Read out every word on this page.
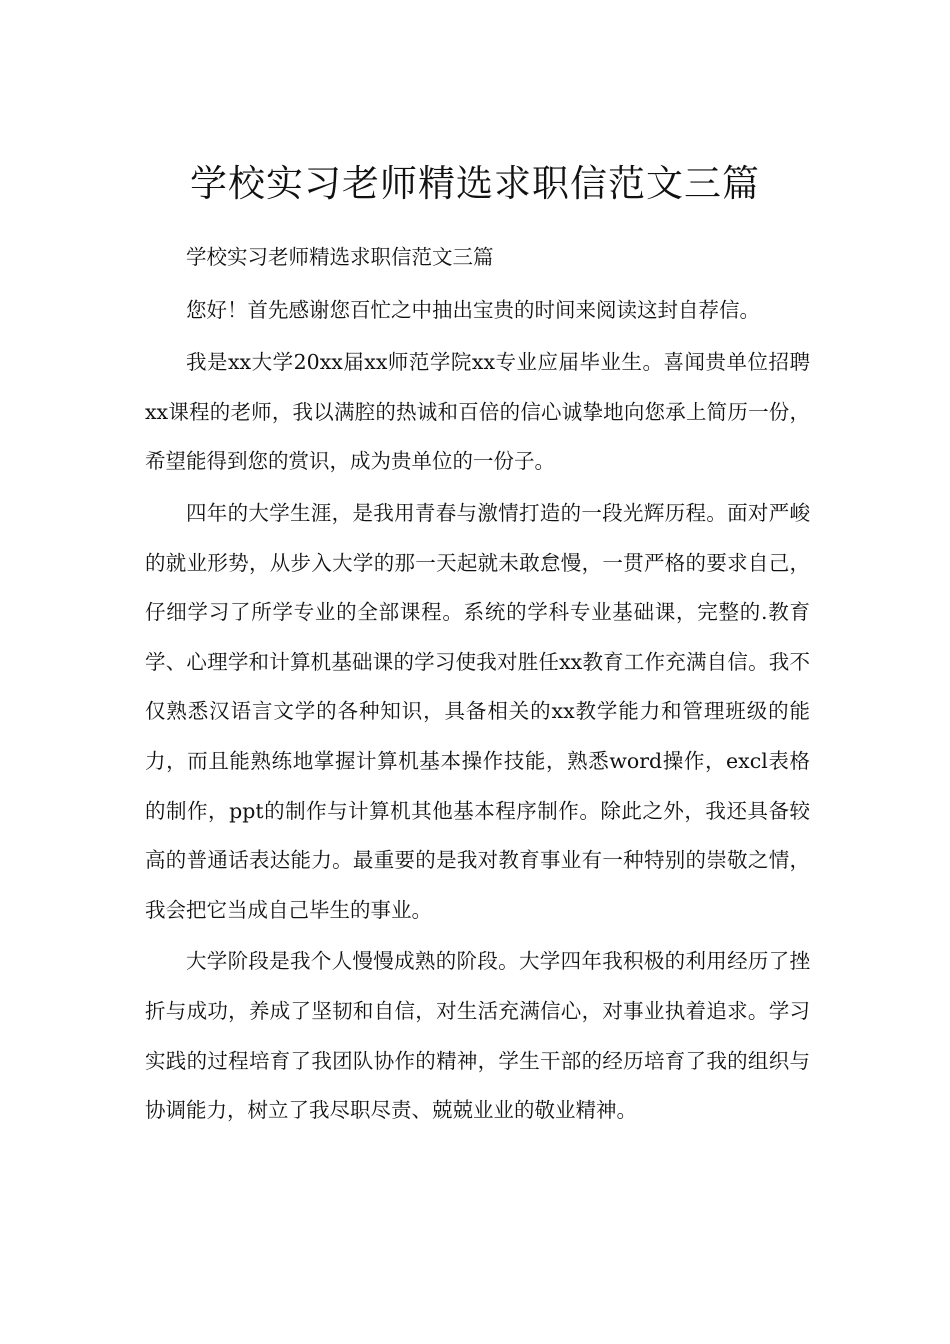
学校实习老师精选求职信范文三篇

学校实习老师精选求职信范文三篇

您好！首先感谢您百忙之中抽出宝贵的时间来阅读这封自荐信。

我是xx大学20xx届xx师范学院xx专业应届毕业生。喜闻贵单位招聘xx课程的老师，我以满腔的热诚和百倍的信心诚挚地向您承上简历一份，希望能得到您的赏识，成为贵单位的一份子。

四年的大学生涯，是我用青春与激情打造的一段光辉历程。面对严峻的就业形势，从步入大学的那一天起就未敢怠慢，一贯严格的要求自己，仔细学习了所学专业的全部课程。系统的学科专业基础课，完整的.教育学、心理学和计算机基础课的学习使我对胜任xx教育工作充满自信。我不仅熟悉汉语言文学的各种知识，具备相关的xx教学能力和管理班级的能力，而且能熟练地掌握计算机基本操作技能，熟悉word操作，excl表格的制作，ppt的制作与计算机其他基本程序制作。除此之外，我还具备较高的普通话表达能力。最重要的是我对教育事业有一种特别的崇敬之情，我会把它当成自己毕生的事业。

大学阶段是我个人慢慢成熟的阶段。大学四年我积极的利用经历了挫折与成功，养成了坚韧和自信，对生活充满信心，对事业执着追求。学习实践的过程培育了我团队协作的精神，学生干部的经历培育了我的组织与协调能力，树立了我尽职尽责、兢兢业业的敬业精神。
